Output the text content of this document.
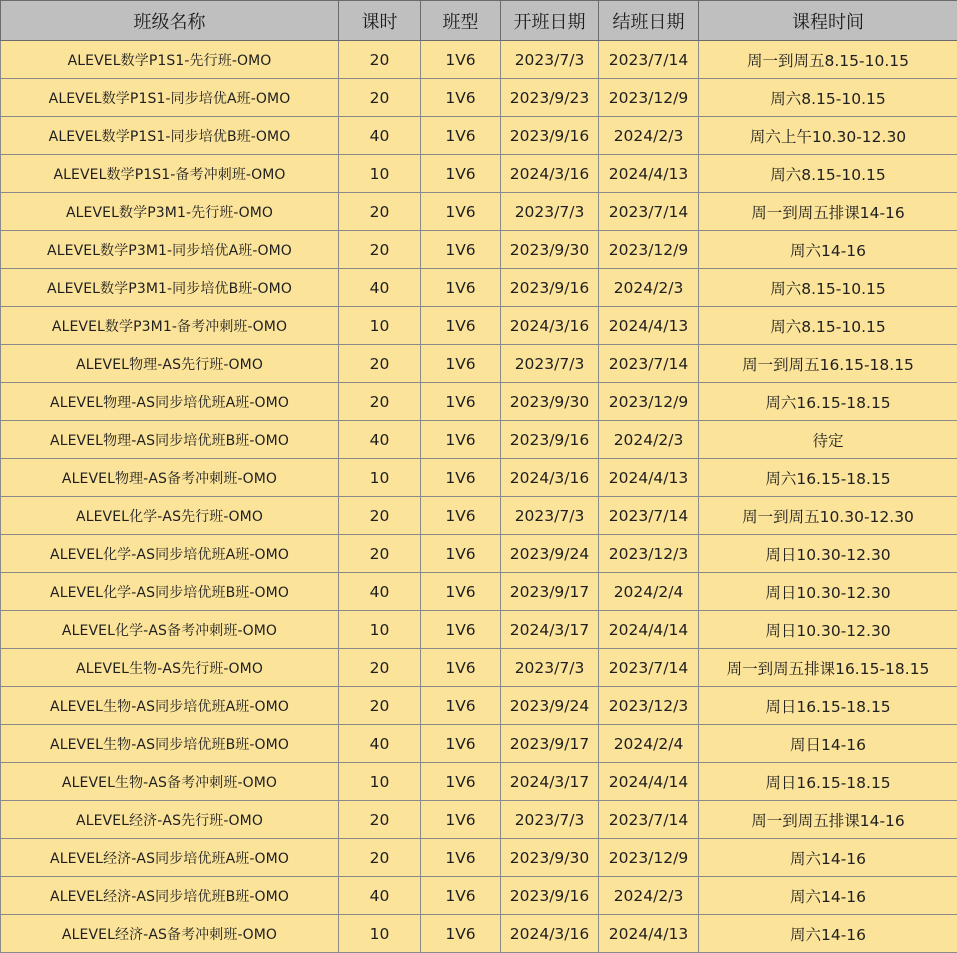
班级名称	课时	班型	开班日期	结班日期	课程时间
ALEVEL数学P1S1-先行班-OMO	20	1V6	2023/7/3	2023/7/14	周一到周五8.15-10.15
ALEVEL数学P1S1-同步培优A班-OMO	20	1V6	2023/9/23	2023/12/9	周六8.15-10.15
ALEVEL数学P1S1-同步培优B班-OMO	40	1V6	2023/9/16	2024/2/3	周六上午10.30-12.30
ALEVEL数学P1S1-备考冲刺班-OMO	10	1V6	2024/3/16	2024/4/13	周六8.15-10.15
ALEVEL数学P3M1-先行班-OMO	20	1V6	2023/7/3	2023/7/14	周一到周五排课14-16
ALEVEL数学P3M1-同步培优A班-OMO	20	1V6	2023/9/30	2023/12/9	周六14-16
ALEVEL数学P3M1-同步培优B班-OMO	40	1V6	2023/9/16	2024/2/3	周六8.15-10.15
ALEVEL数学P3M1-备考冲刺班-OMO	10	1V6	2024/3/16	2024/4/13	周六8.15-10.15
ALEVEL物理-AS先行班-OMO	20	1V6	2023/7/3	2023/7/14	周一到周五16.15-18.15
ALEVEL物理-AS同步培优班A班-OMO	20	1V6	2023/9/30	2023/12/9	周六16.15-18.15
ALEVEL物理-AS同步培优班B班-OMO	40	1V6	2023/9/16	2024/2/3	待定
ALEVEL物理-AS备考冲刺班-OMO	10	1V6	2024/3/16	2024/4/13	周六16.15-18.15
ALEVEL化学-AS先行班-OMO	20	1V6	2023/7/3	2023/7/14	周一到周五10.30-12.30
ALEVEL化学-AS同步培优班A班-OMO	20	1V6	2023/9/24	2023/12/3	周日10.30-12.30
ALEVEL化学-AS同步培优班B班-OMO	40	1V6	2023/9/17	2024/2/4	周日10.30-12.30
ALEVEL化学-AS备考冲刺班-OMO	10	1V6	2024/3/17	2024/4/14	周日10.30-12.30
ALEVEL生物-AS先行班-OMO	20	1V6	2023/7/3	2023/7/14	周一到周五排课16.15-18.15
ALEVEL生物-AS同步培优班A班-OMO	20	1V6	2023/9/24	2023/12/3	周日16.15-18.15
ALEVEL生物-AS同步培优班B班-OMO	40	1V6	2023/9/17	2024/2/4	周日14-16
ALEVEL生物-AS备考冲刺班-OMO	10	1V6	2024/3/17	2024/4/14	周日16.15-18.15
ALEVEL经济-AS先行班-OMO	20	1V6	2023/7/3	2023/7/14	周一到周五排课14-16
ALEVEL经济-AS同步培优班A班-OMO	20	1V6	2023/9/30	2023/12/9	周六14-16
ALEVEL经济-AS同步培优班B班-OMO	40	1V6	2023/9/16	2024/2/3	周六14-16
ALEVEL经济-AS备考冲刺班-OMO	10	1V6	2024/3/16	2024/4/13	周六14-16
